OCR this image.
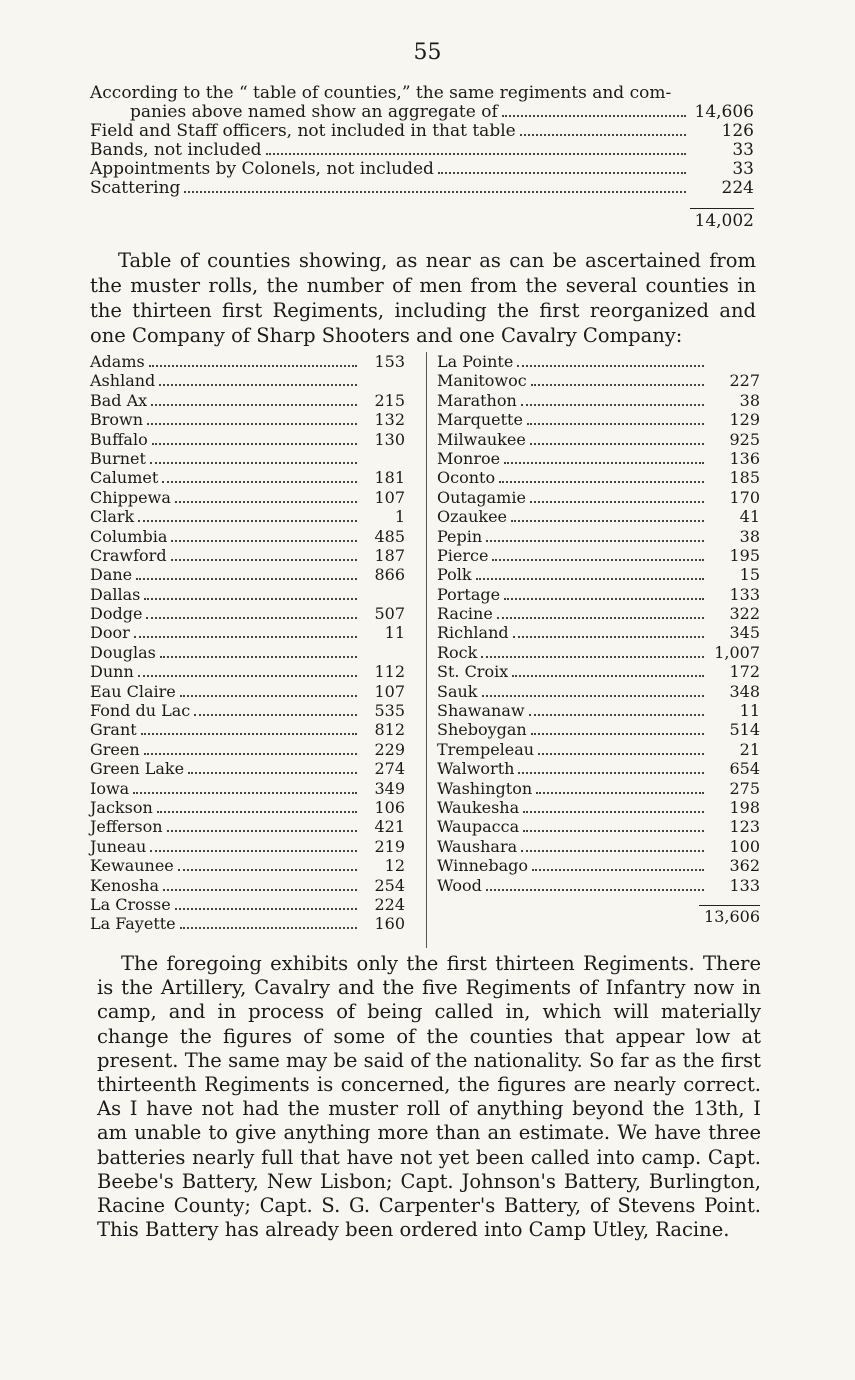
55
According to the “ table of counties,” the same regiments and com-
panies above named show an aggregate of	14,606
Field and Staff officers, not included in that table	126
Bands, not included	33
Appointments by Colonels, not included	33
Scattering	224
14,002
Table of counties showing, as near as can be ascertained from the muster rolls, the number of men from the several counties in the thirteen first Regiments, including the first reorganized and one Company of Sharp Shooters and one Cavalry Company:
Adams	153
Ashland
Bad Ax	215
Brown	132
Buffalo	130
Burnet
Calumet	181
Chippewa	107
Clark	1
Columbia	485
Crawford	187
Dane	866
Dallas
Dodge	507
Door	11
Douglas
Dunn	112
Eau Claire	107
Fond du Lac	535
Grant	812
Green	229
Green Lake	274
Iowa	349
Jackson	106
Jefferson	421
Juneau	219
Kewaunee	12
Kenosha	254
La Crosse	224
La Fayette	160
La Pointe
Manitowoc	227
Marathon	38
Marquette	129
Milwaukee	925
Monroe	136
Oconto	185
Outagamie	170
Ozaukee	41
Pepin	38
Pierce	195
Polk	15
Portage	133
Racine	322
Richland	345
Rock	1,007
St. Croix	172
Sauk	348
Shawanaw	11
Sheboygan	514
Trempeleau	21
Walworth	654
Washington	275
Waukesha	198
Waupacca	123
Waushara	100
Winnebago	362
Wood	133
13,606

The foregoing exhibits only the first thirteen Regiments. There is the Artillery, Cavalry and the five Regiments of Infantry now in camp, and in process of being called in, which will materially change the figures of some of the counties that appear low at present. The same may be said of the nationality. So far as the first thirteenth Regiments is concerned, the figures are nearly correct. As I have not had the muster roll of anything beyond the 13th, I am unable to give anything more than an estimate. We have three batteries nearly full that have not yet been called into camp. Capt. Beebe's Battery, New Lisbon; Capt. Johnson's Battery, Burlington, Racine County; Capt. S. G. Carpenter's Battery, of Stevens Point. This Battery has already been ordered into Camp Utley, Racine.
